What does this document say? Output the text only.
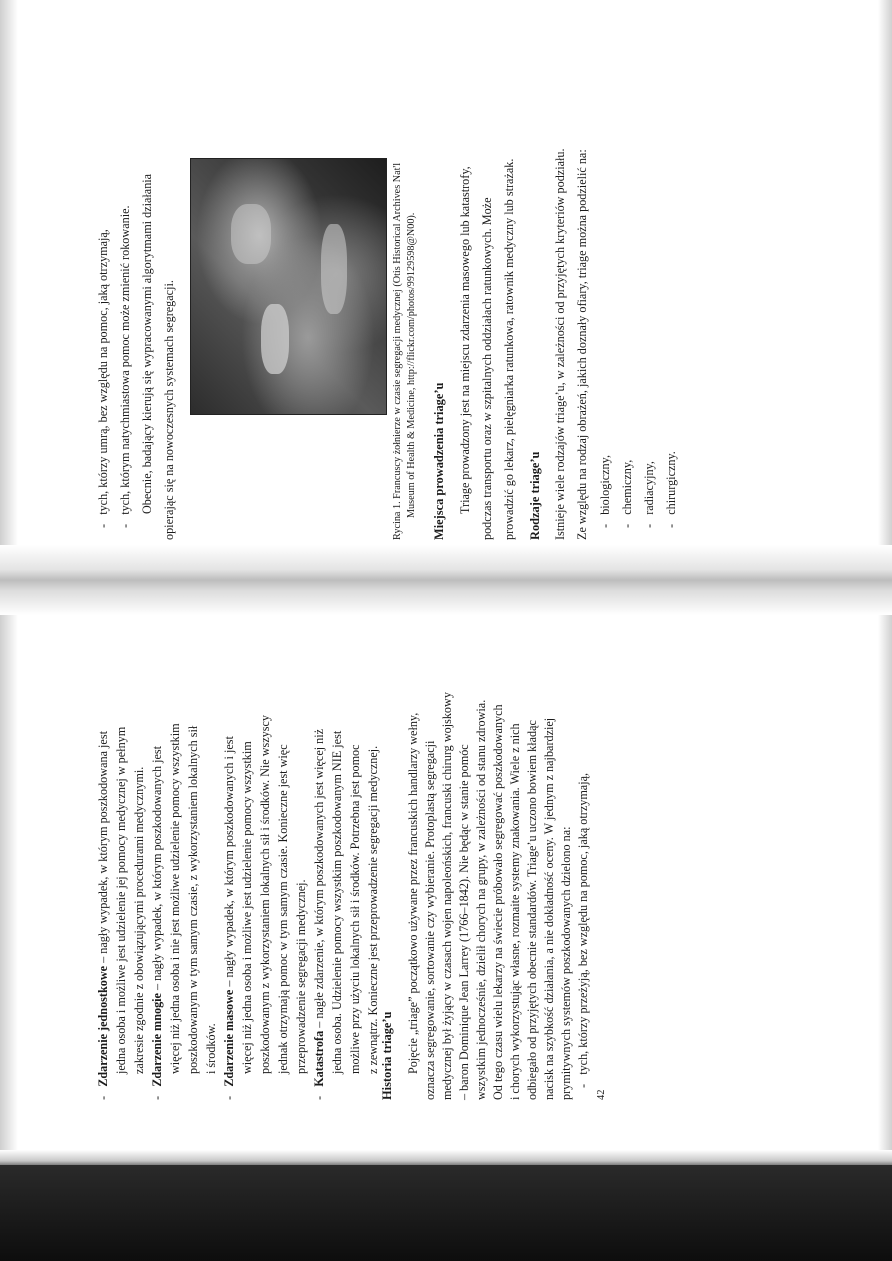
-   Zdarzenie jednostkowe – nagły wypadek, w którym poszkodowana jest jedna osoba i możliwe jest udzielenie jej pomocy medycznej w pełnym zakresie zgodnie z obowiązującymi procedurami medycznymi.
-   Zdarzenie mnogie – nagły wypadek, w którym poszkodowanych jest więcej niż jedna osoba i nie jest możliwe udzielenie pomocy wszystkim poszkodowanym w tym samym czasie, z wykorzystaniem lokalnych sił i środków.
-   Zdarzenie masowe – nagły wypadek, w którym poszkodowanych i jest więcej niż jedna osoba i możliwe jest udzielenie pomocy wszystkim poszkodowanym z wykorzystaniem lokalnych sił i środków. Nie wszyscy jednak otrzymają pomoc w tym samym czasie. Konieczne jest więc przeprowadzenie segregacji medycznej.
-   Katastrofa – nagłe zdarzenie, w którym poszkodowanych jest więcej niż jedna osoba. Udzielenie pomocy wszystkim poszkodowanym NIE jest możliwe przy użyciu lokalnych sił i środków. Potrzebna jest pomoc z zewnątrz. Konieczne jest przeprowadzenie segregacji medycznej. Historia triage’u Pojęcie „triage” początkowo używane przez francuskich handlarzy wełny, oznacza segregowanie, sortowanie czy wybieranie. Protoplastą segregacji medycznej był żyjący w czasach wojen napoleońskich, francuski chirurg wojskowy – baron Dominique Jean Larrey (1766–1842). Nie będąc w stanie pomóc wszystkim jednocześnie, dzielił chorych na grupy, w zależności od stanu zdrowia. Od tego czasu wielu lekarzy na świecie próbowało segregować poszkodowanych i chorych wykorzystując własne, rozmaite systemy znakowania. Wiele z nich odbiegało od przyjętych obecnie standardów. Triage’u uczono bowiem kładąc nacisk na szybkość działania, a nie dokładność oceny. W jednym z najbardziej prymitywnych systemów poszkodowanych dzielono na: -   tych, którzy przeżyją, bez względu na pomoc, jaką otrzymają,
42
-   tych, którzy umrą, bez względu na pomoc, jaką otrzymają,
-   tych, którym natychmiastowa pomoc może zmienić rokowanie. Obecnie, badający kierują się wypracowanymi algorytmami działania opierając się na nowoczesnych systemach segregacji.	Rycina 1. Francuscy żołnierze w czasie segregacji medycznej (Otis Historical Archives Nat'l Museum of Health & Medicine, http://flickr.com/photos/99129598@N00). Miejsca prowadzenia triage’u Triage prowadzony jest na miejscu zdarzenia masowego lub katastrofy, podczas transportu oraz w szpitalnych oddziałach ratunkowych. Może prowadzić go lekarz, pielęgniarka ratunkowa, ratownik medyczny lub strażak. Rodzaje triage’u Istnieje wiele rodzajów triage’u, w zależności od przyjętych kryteriów podziału. Ze względu na rodzaj obrażeń, jakich doznały ofiary, triage można podzielić na: -   biologiczny,
-   chemiczny,
-   radiacyjny,
-   chirurgiczny.
